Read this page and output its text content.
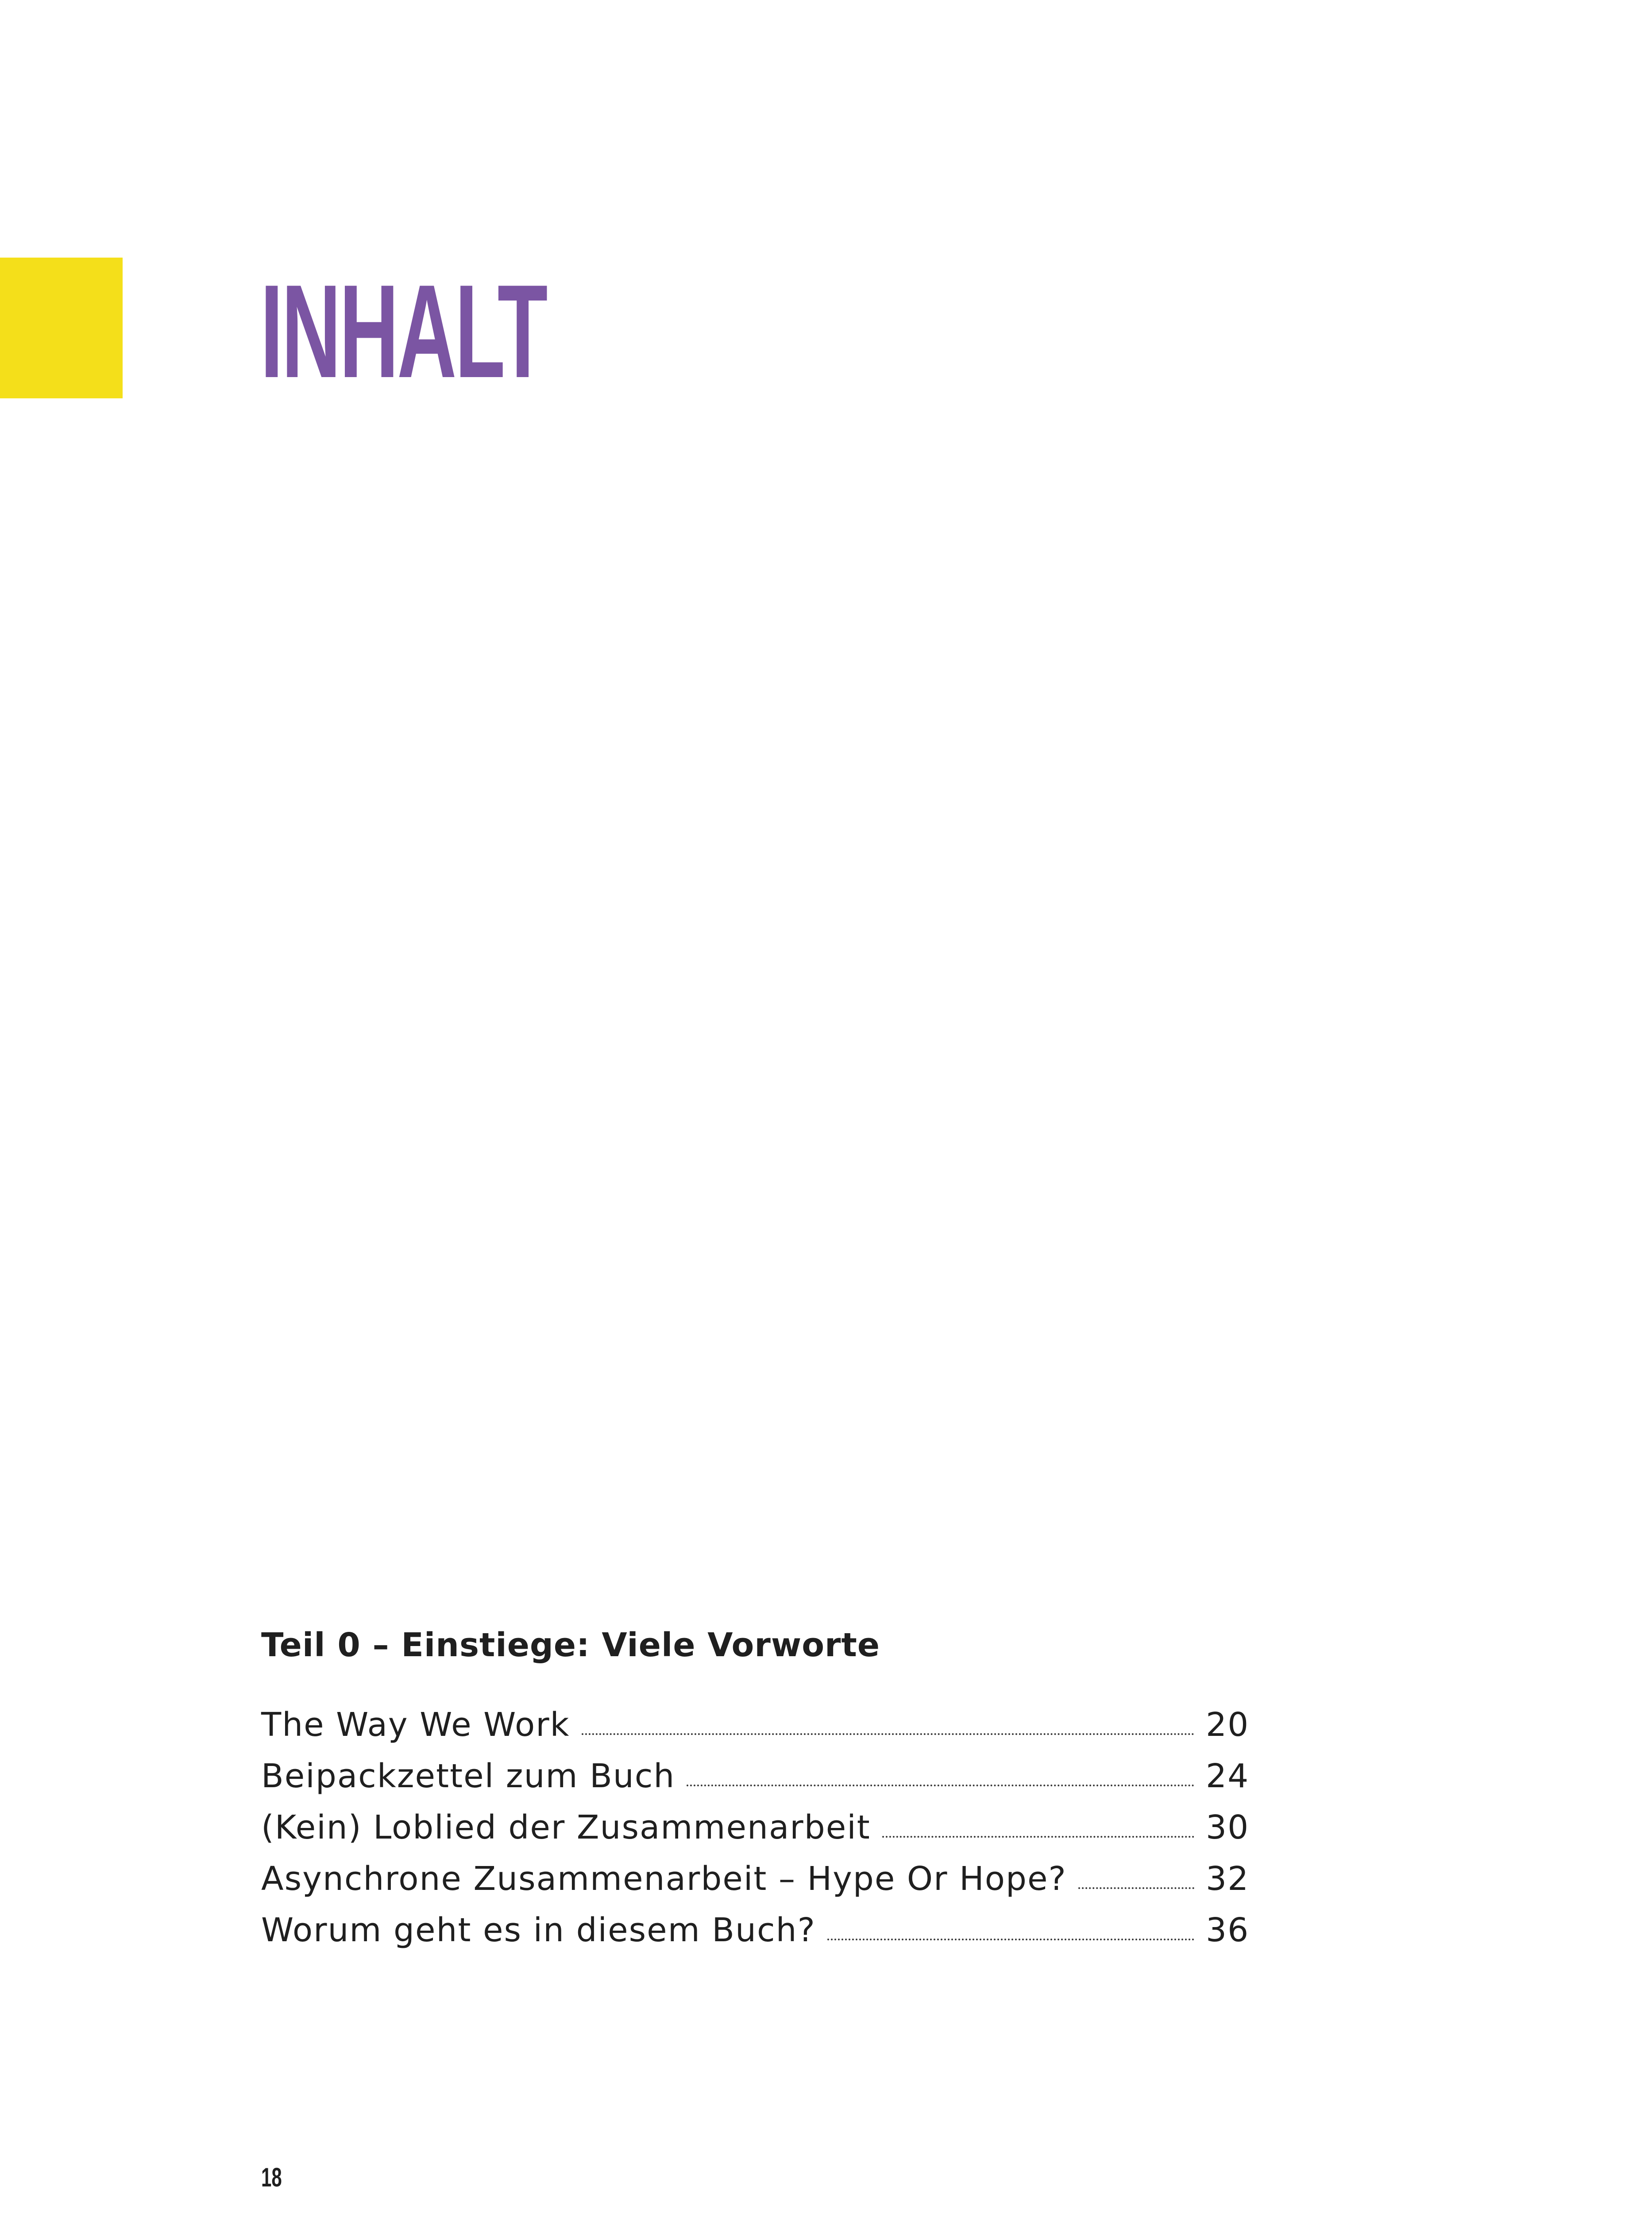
INHALT
Teil 0 – Einstiege: Viele Vorworte
The Way We Work	20
Beipackzettel zum Buch	24
(Kein) Loblied der Zusammenarbeit	30
Asynchrone Zusammenarbeit – Hype Or Hope?	32
Worum geht es in diesem Buch?	36
18
